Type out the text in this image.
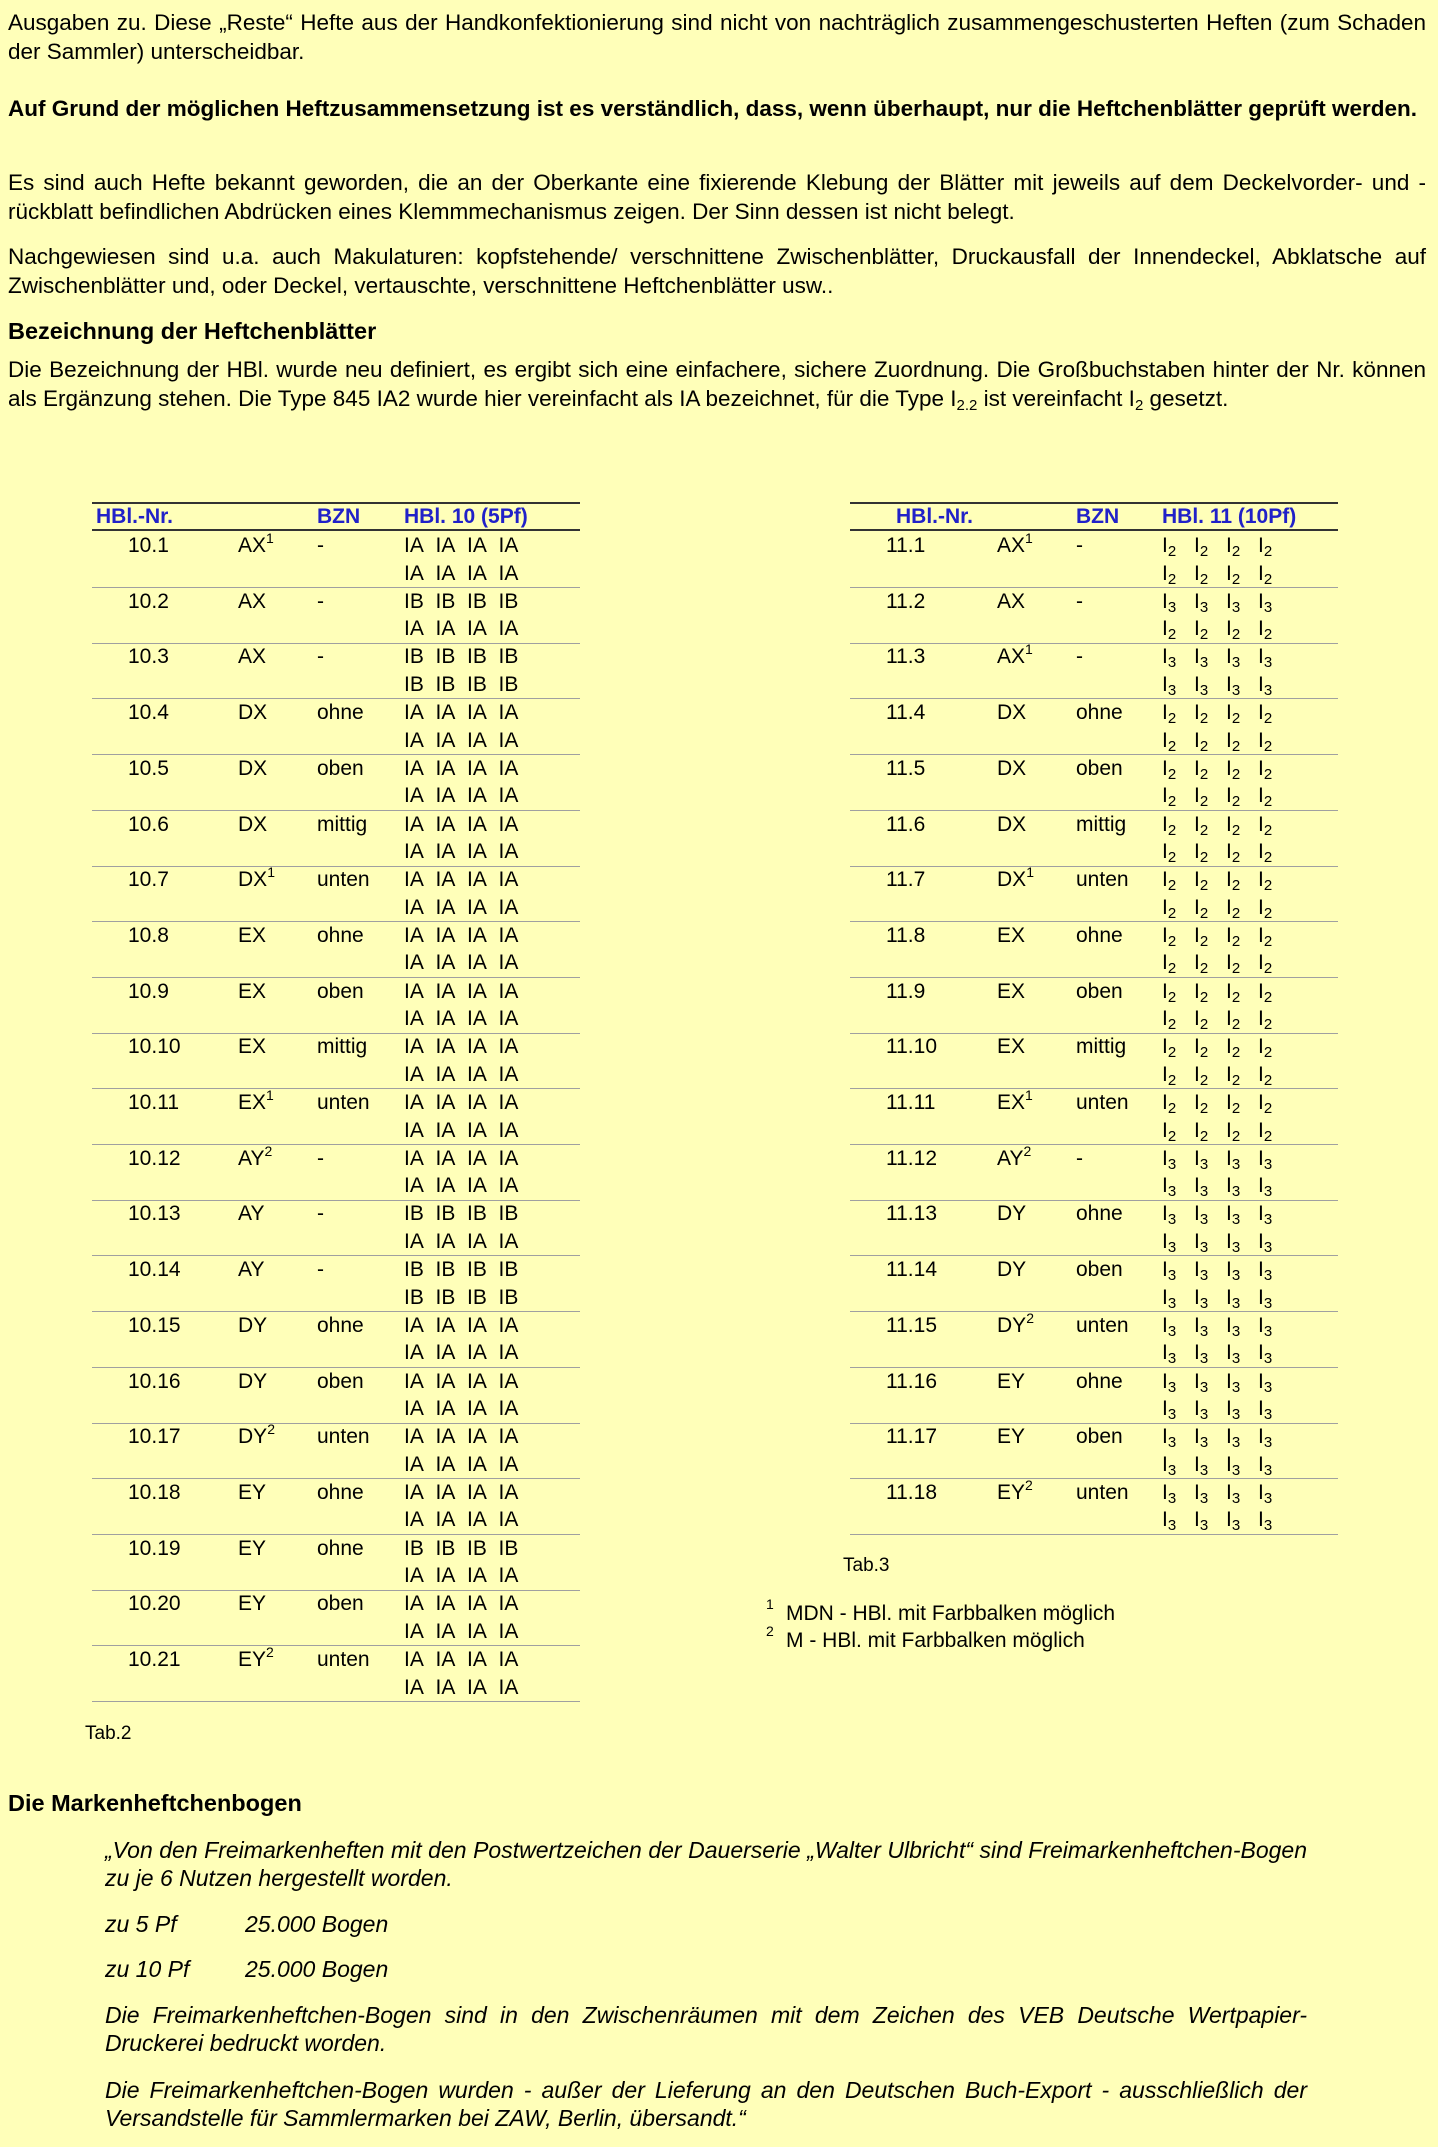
Ausgaben zu. Diese „Reste“ Hefte aus der Handkonfektionierung sind nicht von nachträglich zusammengeschusterten Heften (zum Schaden der Sammler) unterscheidbar.
Auf Grund der möglichen Heftzusammensetzung ist es verständlich, dass, wenn überhaupt, nur die Heftchenblätter geprüft werden.
Es sind auch Hefte bekannt geworden, die an der Oberkante eine fixierende Klebung der Blätter mit jeweils auf dem Deckelvorder- und -rückblatt befindlichen Abdrücken eines Klemmmechanismus zeigen. Der Sinn dessen ist nicht belegt.
Nachgewiesen sind u.a. auch Makulaturen: kopfstehende/ verschnittene Zwischenblätter, Druckausfall der Innendeckel, Abklatsche auf Zwischenblätter und, oder Deckel, vertauschte, verschnittene Heftchenblätter usw..
Bezeichnung der Heftchenblätter
Die Bezeichnung der HBl. wurde neu definiert, es ergibt sich eine einfachere, sichere Zuordnung. Die Großbuchstaben hinter der Nr. können als Ergänzung stehen. Die Type 845 IA2 wurde hier vereinfacht als IA bezeichnet, für die Type $I_{2.2}$ ist vereinfacht $I_2$ gesetzt.
HBl.-Nr.	BZN HBl. 10 (5Pf)
10.1	$AX^1$ -	IA IA IA IA
IA IA IA IA
10.2	AX -	IB IB IB IB
IA IA IA IA
10.3	AX -	IB IB IB IB
IB IB IB IB
10.4	DX ohne IA IA IA IA
IA IA IA IA
10.5	DX oben IA IA IA IA
IA IA IA IA
10.6	DX mittig IA IA IA IA
IA IA IA IA
10.7	$DX^1$ unten IA IA IA IA
IA IA IA IA
10.8	EX ohne IA IA IA IA
IA IA IA IA
10.9	EX oben IA IA IA IA
IA IA IA IA
10.10	EX mittig IA IA IA IA
IA IA IA IA
10.11	$EX^1$ unten IA IA IA IA
IA IA IA IA
10.12	$AY^2$ -	IA IA IA IA
IA IA IA IA
10.13	AY	-	IB IB IB IB
IA IA IA IA
10.14	AY	-	IB IB IB IB
IB IB IB IB
10.15	DY ohne IA IA IA IA
IA IA IA IA
10.16	DY oben IA IA IA IA
IA IA IA IA
10.17	$DY^2$ unten IA IA IA IA
IA IA IA IA
10.18	EY ohne IA IA IA IA
IA IA IA IA
10.19	EY ohne IB IB IB IB
IA IA IA IA
10.20	EY oben IA IA IA IA
IA IA IA IA
10.21	$EY^2$ unten IA IA IA IA
IA IA IA IA
Tab.2
HBl.-Nr.	BZN HBl. 11 (10Pf)
11.1	$AX^1$ -	$I_2$ $I_2$ $I_2$ $I_2$
$I_2$ $I_2$ $I_2$ $I_2$
11.2	AX -	$I_3$ $I_3$ $I_3$ $I_3$
$I_2$ $I_2$ $I_2$ $I_2$
11.3	$AX^1$ -	$I_3$ $I_3$ $I_3$ $I_3$
$I_3$ $I_3$ $I_3$ $I_3$
11.4	DX ohne $I_2$ $I_2$ $I_2$ $I_2$
$I_2$ $I_2$ $I_2$ $I_2$
11.5	DX oben $I_2$ $I_2$ $I_2$ $I_2$
$I_2$ $I_2$ $I_2$ $I_2$
11.6	DX mittig $I_2$ $I_2$ $I_2$ $I_2$
$I_2$ $I_2$ $I_2$ $I_2$
11.7	$DX^1$ unten $I_2$ $I_2$ $I_2$ $I_2$
$I_2$ $I_2$ $I_2$ $I_2$
11.8	EX ohne $I_2$ $I_2$ $I_2$ $I_2$
$I_2$ $I_2$ $I_2$ $I_2$
11.9	EX oben $I_2$ $I_2$ $I_2$ $I_2$
$I_2$ $I_2$ $I_2$ $I_2$
11.10	EX mittig $I_2$ $I_2$ $I_2$ $I_2$
$I_2$ $I_2$ $I_2$ $I_2$
11.11	$EX^1$ unten $I_2$ $I_2$ $I_2$ $I_2$
$I_2$ $I_2$ $I_2$ $I_2$
11.12	$AY^2$ -	$I_3$ $I_3$ $I_3$ $I_3$
$I_3$ $I_3$ $I_3$ $I_3$
11.13	DY ohne $I_3$ $I_3$ $I_3$ $I_3$
$I_3$ $I_3$ $I_3$ $I_3$
11.14	DY oben $I_3$ $I_3$ $I_3$ $I_3$
$I_3$ $I_3$ $I_3$ $I_3$
11.15	$DY^2$ unten $I_3$ $I_3$ $I_3$ $I_3$
$I_3$ $I_3$ $I_3$ $I_3$
11.16	EY ohne $I_3$ $I_3$ $I_3$ $I_3$
$I_3$ $I_3$ $I_3$ $I_3$
11.17	EY oben $I_3$ $I_3$ $I_3$ $I_3$
$I_3$ $I_3$ $I_3$ $I_3$
11.18	$EY^2$ unten $I_3$ $I_3$ $I_3$ $I_3$
$I_3$ $I_3$ $I_3$ $I_3$
Tab.3
1 MDN - HBl. mit Farbbalken möglich
2 M - HBl. mit Farbbalken möglich
Die Markenheftchenbogen
„Von den Freimarkenheften mit den Postwertzeichen der Dauerserie „Walter Ulbricht“ sind Freimarkenheftchen-Bogen zu je 6 Nutzen hergestellt worden.
zu 5 Pf	25.000 Bogen
zu 10 Pf 25.000 Bogen
Die Freimarkenheftchen-Bogen sind in den Zwischenräumen mit dem Zeichen des VEB Deutsche Wertpapier-Druckerei bedruckt worden.
Die Freimarkenheftchen-Bogen wurden - außer der Lieferung an den Deutschen Buch-Export - ausschließlich der Versandstelle für Sammlermarken bei ZAW, Berlin, übersandt.“
